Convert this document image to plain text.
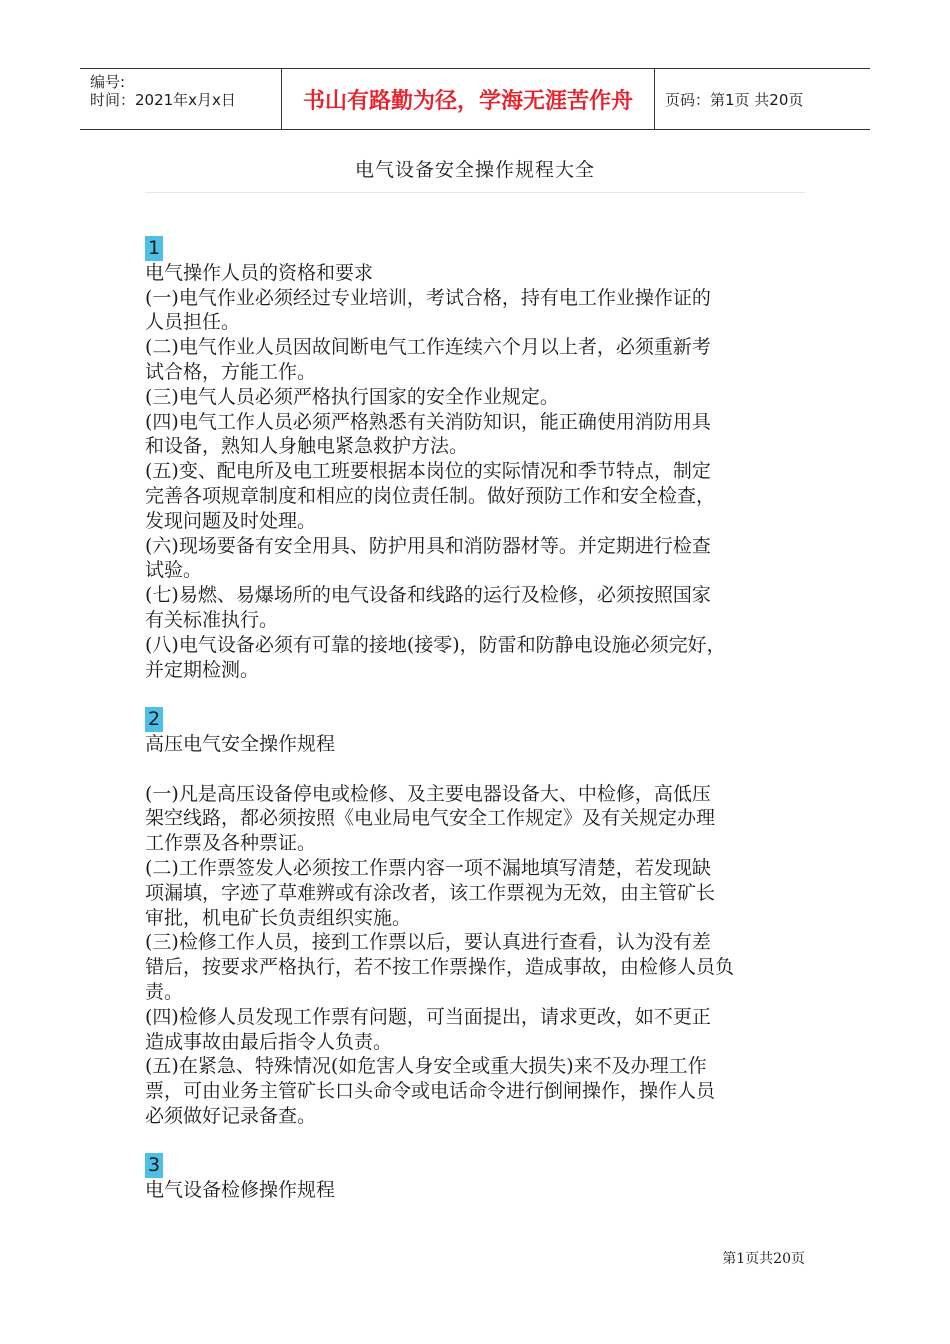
编号:
时间：2021年x月x日	书山有路勤为径，学海无涯苦作舟	页码：第1页 共20页
电气设备安全操作规程大全

1

电气操作人员的资格和要求

(一)电气作业必须经过专业培训，考试合格，持有电工作业操作证的

人员担任。

(二)电气作业人员因故间断电气工作连续六个月以上者，必须重新考

试合格，方能工作。

(三)电气人员必须严格执行国家的安全作业规定。

(四)电气工作人员必须严格熟悉有关消防知识，能正确使用消防用具

和设备，熟知人身触电紧急救护方法。

(五)变、配电所及电工班要根据本岗位的实际情况和季节特点，制定

完善各项规章制度和相应的岗位责任制。做好预防工作和安全检查，

发现问题及时处理。

(六)现场要备有安全用具、防护用具和消防器材等。并定期进行检查

试验。

(七)易燃、易爆场所的电气设备和线路的运行及检修，必须按照国家

有关标准执行。

(八)电气设备必须有可靠的接地(接零)，防雷和防静电设施必须完好，

并定期检测。

2

高压电气安全操作规程

(一)凡是高压设备停电或检修、及主要电器设备大、中检修，高低压

架空线路，都必须按照《电业局电气安全工作规定》及有关规定办理

工作票及各种票证。

(二)工作票签发人必须按工作票内容一项不漏地填写清楚，若发现缺

项漏填，字迹了草难辨或有涂改者，该工作票视为无效，由主管矿长

审批，机电矿长负责组织实施。

(三)检修工作人员，接到工作票以后，要认真进行查看，认为没有差

错后，按要求严格执行，若不按工作票操作，造成事故，由检修人员负

责。

(四)检修人员发现工作票有问题，可当面提出，请求更改，如不更正

造成事故由最后指令人负责。

(五)在紧急、特殊情况(如危害人身安全或重大损失)来不及办理工作

票，可由业务主管矿长口头命令或电话命令进行倒闸操作，操作人员

必须做好记录备查。

3

电气设备检修操作规程

第1页共20页
